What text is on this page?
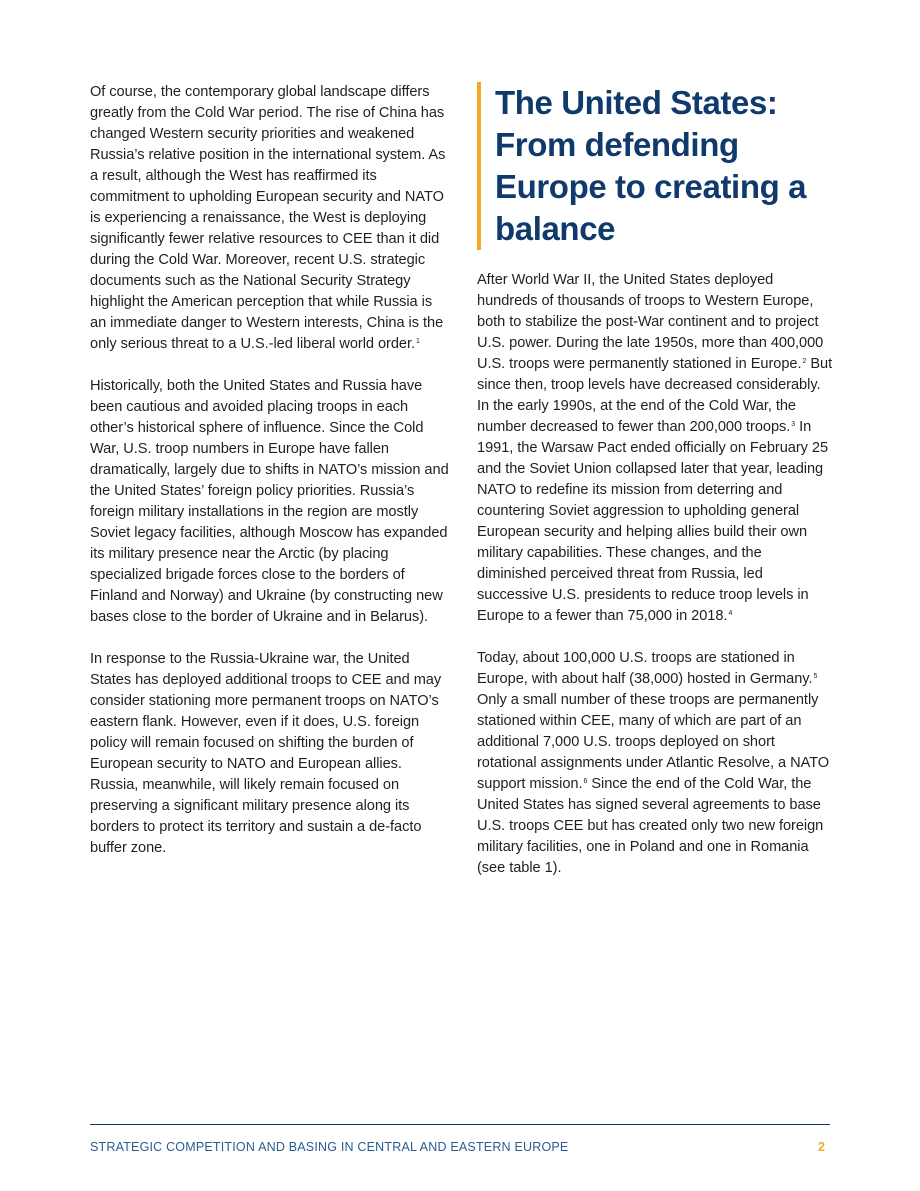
Of course, the contemporary global landscape differs greatly from the Cold War period. The rise of China has changed Western security priorities and weakened Russia’s relative position in the international system. As a result, although the West has reaffirmed its commitment to upholding European security and NATO is experiencing a renaissance, the West is deploying significantly fewer relative resources to CEE than it did during the Cold War. Moreover, recent U.S. strategic documents such as the National Security Strategy highlight the American perception that while Russia is an immediate danger to Western interests, China is the only serious threat to a U.S.-led liberal world order.$^1$

Historically, both the United States and Russia have been cautious and avoided placing troops in each other’s historical sphere of influence. Since the Cold War, U.S. troop numbers in Europe have fallen dramatically, largely due to shifts in NATO’s mission and the United States’ foreign policy priorities. Russia’s foreign military installations in the region are mostly Soviet legacy facilities, although Moscow has expanded its military presence near the Arctic (by placing specialized brigade forces close to the borders of Finland and Norway) and Ukraine (by constructing new bases close to the border of Ukraine and in Belarus).

In response to the Russia-Ukraine war, the United States has deployed additional troops to CEE and may consider stationing more permanent troops on NATO’s eastern flank. However, even if it does, U.S. foreign policy will remain focused on shifting the burden of European security to NATO and European allies. Russia, meanwhile, will likely remain focused on preserving a significant military presence along its borders to protect its territory and sustain a de-facto buffer zone.

The United States: From defending Europe to creating a balance

After World War II, the United States deployed hundreds of thousands of troops to Western Europe, both to stabilize the post-War continent and to project U.S. power. During the late 1950s, more than 400,000 U.S. troops were permanently stationed in Europe.$^2$ But since then, troop levels have decreased considerably. In the early 1990s, at the end of the Cold War, the number decreased to fewer than 200,000 troops.$^3$ In 1991, the Warsaw Pact ended officially on February 25 and the Soviet Union collapsed later that year, leading NATO to redefine its mission from deterring and countering Soviet aggression to upholding general European security and helping allies build their own military capabilities. These changes, and the diminished perceived threat from Russia, led successive U.S. presidents to reduce troop levels in Europe to a fewer than 75,000 in 2018.$^4$

Today, about 100,000 U.S. troops are stationed in Europe, with about half (38,000) hosted in Germany.$^5$ Only a small number of these troops are permanently stationed within CEE, many of which are part of an additional 7,000 U.S. troops deployed on short rotational assignments under Atlantic Resolve, a NATO support mission.$^6$ Since the end of the Cold War, the United States has signed several agreements to base U.S. troops CEE but has created only two new foreign military facilities, one in Poland and one in Romania (see table 1).

STRATEGIC COMPETITION AND BASING IN CENTRAL AND EASTERN EUROPE	2
